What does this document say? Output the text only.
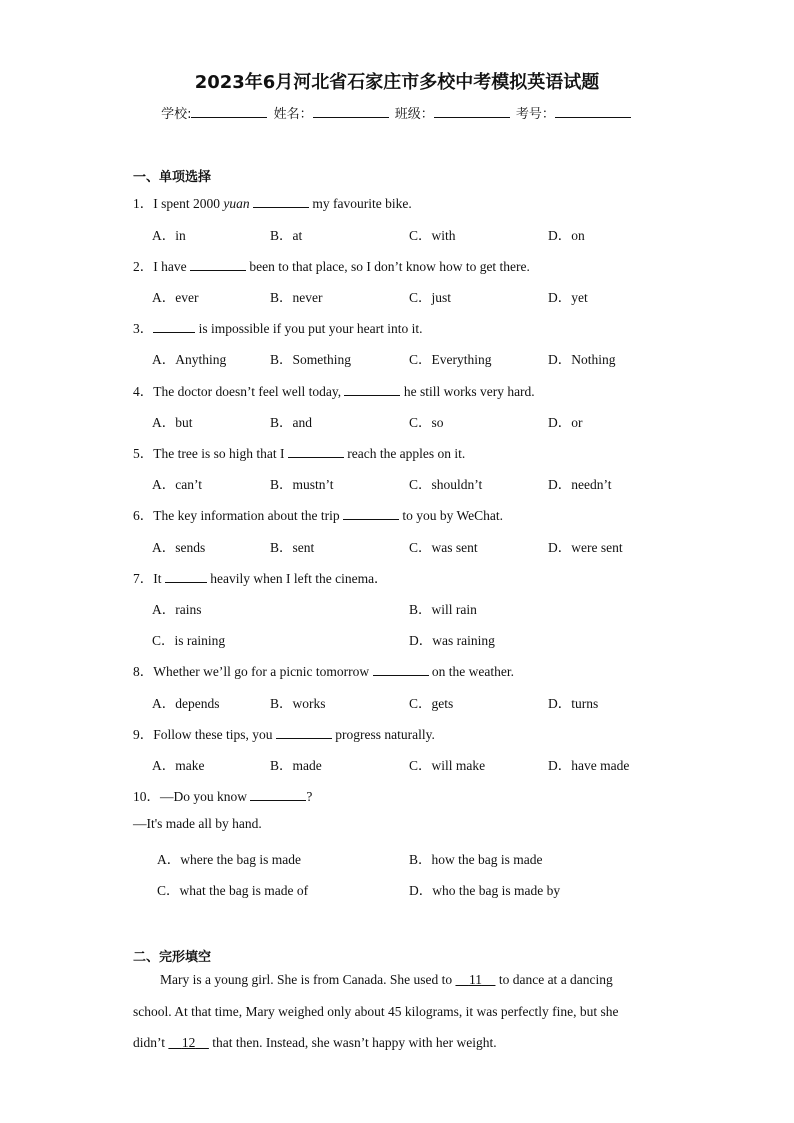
2023年6月河北省石家庄市多校中考模拟英语试题
学校:	姓名：	班级：	考号：
一、单项选择
1．I spent 2000 yuan	my favourite bike.
A．in	B．at	C．with	D．on
2．I have	been to that place, so I don’t know how to get there.
A．ever	B．never	C．just	D．yet
3．	is impossible if you put your heart into it.
A．Anything	B．Something	C．Everything	D．Nothing
4．The doctor doesn’t feel well today,	he still works very hard.
A．but	B．and	C．so	D．or
5．The tree is so high that I	reach the apples on it.
A．can’t	B．mustn’t	C．shouldn’t	D．needn’t
6．The key information about the trip	to you by WeChat.
A．sends	B．sent	C．was sent	D．were sent
7．It	heavily when I left the cinema．
A．rains	B．will rain
C．is raining	D．was raining
8．Whether we’ll go for a picnic tomorrow	on the weather.
A．depends	B．works	C．gets	D．turns
9．Follow these tips, you	progress naturally.
A．make	B．made	C．will make	D．have made
10．—Do you know	?
—It's made all by hand.
A．where the bag is made	B．how the bag is made
C．what the bag is made of	D．who the bag is made by
二、完形填空
Mary is a young girl. She is from Canada. She used to     11     to dance at a dancing
school. At that time, Mary weighed only about 45 kilograms, it was perfectly fine, but she
didn’t     12     that then. Instead, she wasn’t happy with her weight.
